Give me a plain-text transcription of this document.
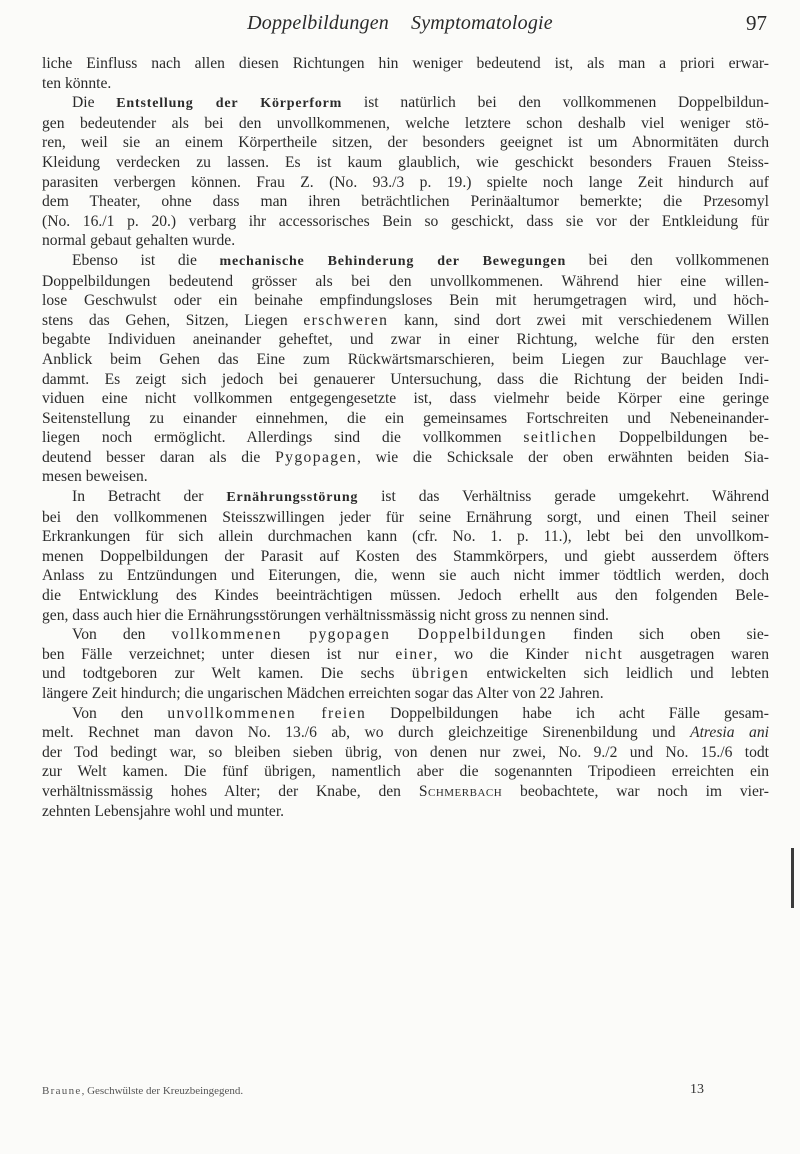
Doppelbildungen Symptomatologie	97

liche Einfluss nach allen diesen Richtungen hin weniger bedeutend ist, als man a priori erwar-
ten könnte.

Die Entstellung der Körperform ist natürlich bei den vollkommenen Doppelbildun-
gen bedeutender als bei den unvollkommenen, welche letztere schon deshalb viel weniger stö-
ren, weil sie an einem Körpertheile sitzen, der besonders geeignet ist um Abnormitäten durch
Kleidung verdecken zu lassen. Es ist kaum glaublich, wie geschickt besonders Frauen Steiss-
parasiten verbergen können. Frau Z. (No. 93./3 p. 19.) spielte noch lange Zeit hindurch auf
dem Theater, ohne dass man ihren beträchtlichen Perinäaltumor bemerkte; die Przesomyl
(No. 16./1 p. 20.) verbarg ihr accessorisches Bein so geschickt, dass sie vor der Entkleidung für
normal gebaut gehalten wurde.

Ebenso ist die mechanische Behinderung der Bewegungen bei den vollkommenen
Doppelbildungen bedeutend grösser als bei den unvollkommenen. Während hier eine willen-
lose Geschwulst oder ein beinahe empfindungsloses Bein mit herumgetragen wird, und höch-
stens das Gehen, Sitzen, Liegen erschweren kann, sind dort zwei mit verschiedenem Willen
begabte Individuen aneinander geheftet, und zwar in einer Richtung, welche für den ersten
Anblick beim Gehen das Eine zum Rückwärtsmarschieren, beim Liegen zur Bauchlage ver-
dammt. Es zeigt sich jedoch bei genauerer Untersuchung, dass die Richtung der beiden Indi-
viduen eine nicht vollkommen entgegengesetzte ist, dass vielmehr beide Körper eine geringe
Seitenstellung zu einander einnehmen, die ein gemeinsames Fortschreiten und Nebeneinander-
liegen noch ermöglicht. Allerdings sind die vollkommen seitlichen Doppelbildungen be-
deutend besser daran als die Pygopagen, wie die Schicksale der oben erwähnten beiden Sia-
mesen beweisen.

In Betracht der Ernährungsstörung ist das Verhältniss gerade umgekehrt. Während
bei den vollkommenen Steisszwillingen jeder für seine Ernährung sorgt, und einen Theil seiner
Erkrankungen für sich allein durchmachen kann (cfr. No. 1. p. 11.), lebt bei den unvollkom-
menen Doppelbildungen der Parasit auf Kosten des Stammkörpers, und giebt ausserdem öfters
Anlass zu Entzündungen und Eiterungen, die, wenn sie auch nicht immer tödtlich werden, doch
die Entwicklung des Kindes beeinträchtigen müssen. Jedoch erhellt aus den folgenden Bele-
gen, dass auch hier die Ernährungsstörungen verhältnissmässig nicht gross zu nennen sind.

Von den vollkommenen pygopagen Doppelbildungen finden sich oben sie-
ben Fälle verzeichnet; unter diesen ist nur einer, wo die Kinder nicht ausgetragen waren
und todtgeboren zur Welt kamen. Die sechs übrigen entwickelten sich leidlich und lebten
längere Zeit hindurch; die ungarischen Mädchen erreichten sogar das Alter von 22 Jahren.

Von den unvollkommenen freien Doppelbildungen habe ich acht Fälle gesam-
melt. Rechnet man davon No. 13./6 ab, wo durch gleichzeitige Sirenenbildung und Atresia ani
der Tod bedingt war, so bleiben sieben übrig, von denen nur zwei, No. 9./2 und No. 15./6 todt
zur Welt kamen. Die fünf übrigen, namentlich aber die sogenannten Tripodieen erreichten ein
verhältnissmässig hohes Alter; der Knabe, den Schmerbach beobachtete, war noch im vier-
zehnten Lebensjahre wohl und munter.

Braune, Geschwülste der Kreuzbeingegend.	13
